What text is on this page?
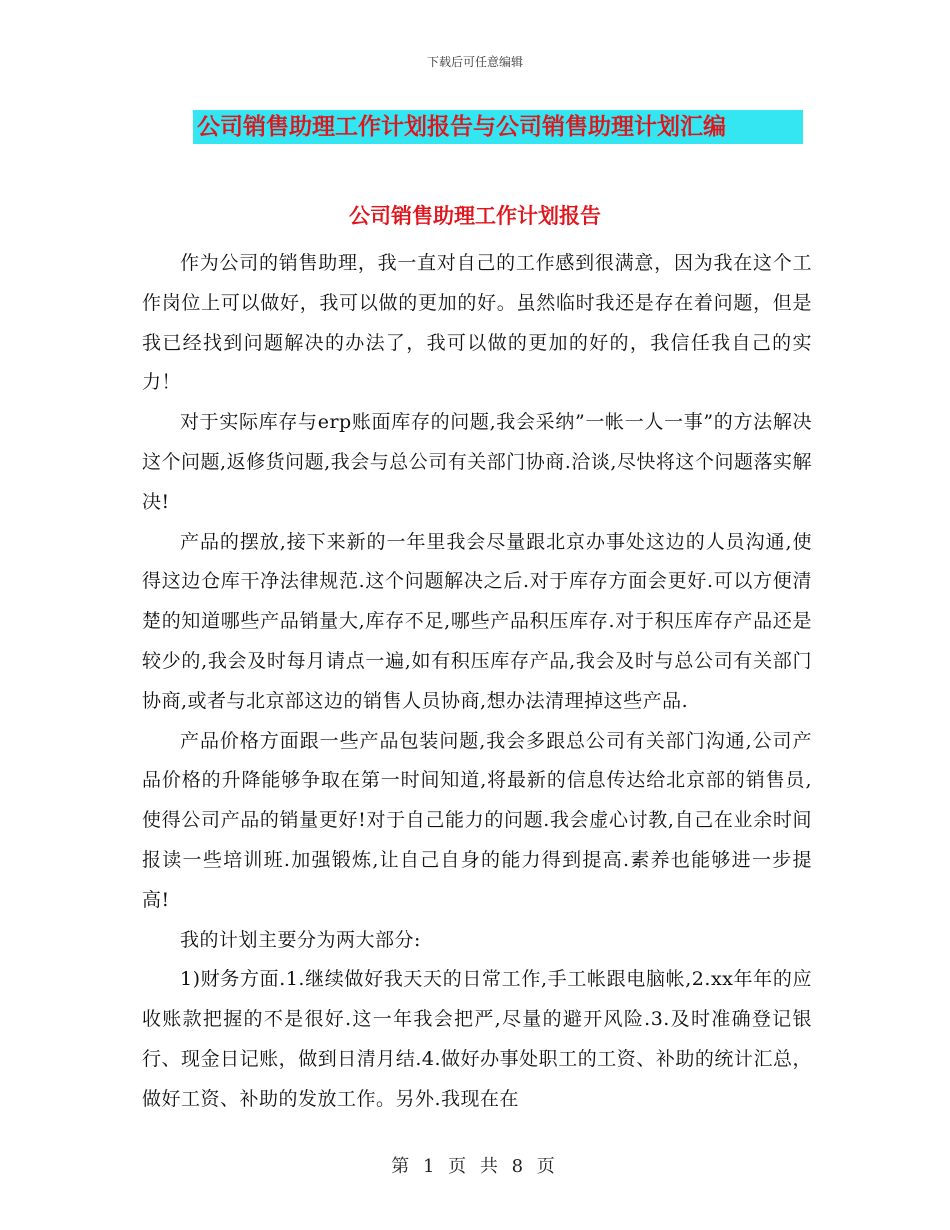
下载后可任意编辑
公司销售助理工作计划报告与公司销售助理计划汇编
公司销售助理工作计划报告

作为公司的销售助理，我一直对自己的工作感到很满意，因为我在这个工作岗位上可以做好，我可以做的更加的好。虽然临时我还是存在着问题，但是我已经找到问题解决的办法了，我可以做的更加的好的，我信任我自己的实力！

对于实际库存与erp账面库存的问题,我会采纳”一帐一人一事”的方法解决这个问题,返修货问题,我会与总公司有关部门协商.洽谈,尽快将这个问题落实解决!

产品的摆放,接下来新的一年里我会尽量跟北京办事处这边的人员沟通,使得这边仓库干净法律规范.这个问题解决之后.对于库存方面会更好.可以方便清楚的知道哪些产品销量大,库存不足,哪些产品积压库存.对于积压库存产品还是较少的,我会及时每月请点一遍,如有积压库存产品,我会及时与总公司有关部门协商,或者与北京部这边的销售人员协商,想办法清理掉这些产品.

产品价格方面跟一些产品包装问题,我会多跟总公司有关部门沟通,公司产品价格的升降能够争取在第一时间知道,将最新的信息传达给北京部的销售员,使得公司产品的销量更好!对于自己能力的问题.我会虚心讨教,自己在业余时间报读一些培训班.加强锻炼,让自己自身的能力得到提高.素养也能够进一步提高!

我的计划主要分为两大部分:

1)财务方面.1.继续做好我天天的日常工作,手工帐跟电脑帐,2.xx年年的应收账款把握的不是很好.这一年我会把严,尽量的避开风险.3.及时准确登记银行、现金日记账，做到日清月结.4.做好办事处职工的工资、补助的统计汇总，做好工资、补助的发放工作。另外.我现在在

第 1 页 共 8 页
